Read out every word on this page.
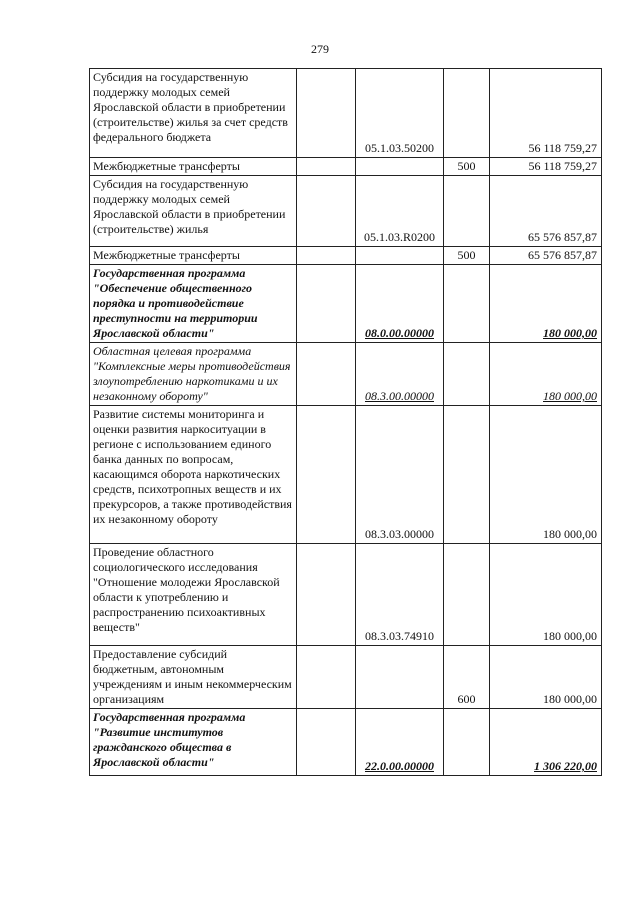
279
Субсидия на государственную поддержку молодых семей Ярославской области в приобретении (строительстве) жилья за счет средств федерального бюджета		05.1.03.50200		56 118 759,27
Межбюджетные трансферты			500	56 118 759,27
Субсидия на государственную поддержку молодых семей Ярославской области в приобретении (строительстве) жилья		05.1.03.R0200		65 576 857,87
Межбюджетные трансферты			500	65 576 857,87
Государственная программа "Обеспечение общественного порядка и противодействие преступности на территории Ярославской области"		08.0.00.00000		180 000,00
Областная целевая программа "Комплексные меры противодействия злоупотреблению наркотиками и их незаконному обороту"		08.3.00.00000		180 000,00
Развитие системы мониторинга и оценки развития наркоситуации в регионе с использованием единого банка данных по вопросам, касающимся оборота наркотических средств, психотропных веществ и их прекурсоров, а также противодействия их незаконному обороту		08.3.03.00000		180 000,00
Проведение областного социологического исследования "Отношение молодежи Ярославской области к употреблению и распространению психоактивных веществ"		08.3.03.74910		180 000,00
Предоставление субсидий бюджетным, автономным учреждениям и иным некоммерческим организациям			600	180 000,00
Государственная программа "Развитие институтов гражданского общества в Ярославской области"		22.0.00.00000		1 306 220,00
